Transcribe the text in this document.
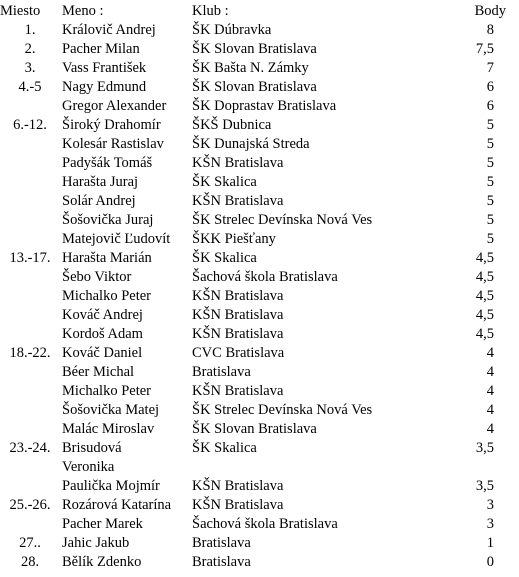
Miesto	Meno :	Klub :	Body
1.	Královič Andrej	ŠK Dúbravka	8
2.	Pacher Milan	ŠK Slovan Bratislava	7,5
3.	Vass František	ŠK Bašta N. Zámky	7
4.-5	Nagy Edmund	ŠK Slovan Bratislava	6
	Gregor Alexander	ŠK Doprastav Bratislava	6
6.-12.	Široký Drahomír	ŠKŠ Dubnica	5
	Kolesár Rastislav	ŠK Dunajská Streda	5
	Padyšák Tomáš	KŠN Bratislava	5
	Harašta Juraj	ŠK Skalica	5
	Solár Andrej	KŠN Bratislava	5
	Šošovička Juraj	ŠK Strelec Devínska Nová Ves	5
	Matejovič Ľudovít	ŠKK Piešťany	5
13.-17.	Harašta Marián	ŠK Skalica	4,5
	Šebo Viktor	Šachová škola Bratislava	4,5
	Michalko Peter	KŠN Bratislava	4,5
	Kováč Andrej	KŠN Bratislava	4,5
	Kordoš Adam	KŠN Bratislava	4,5
18.-22.	Kováč Daniel	CVC Bratislava	4
	Béer Michal	Bratislava	4
	Michalko Peter	KŠN Bratislava	4
	Šošovička Matej	ŠK Strelec Devínska Nová Ves	4
	Malác Miroslav	ŠK Slovan Bratislava	4
23.-24.	Brisudová	ŠK Skalica	3,5
	Veronika		
	Paulička Mojmír	KŠN Bratislava	3,5
25.-26.	Rozárová Katarína	KŠN Bratislava	3
	Pacher Marek	Šachová škola Bratislava	3
27..	Jahic Jakub	Bratislava	1
28.	Bělík Zdenko	Bratislava	0
